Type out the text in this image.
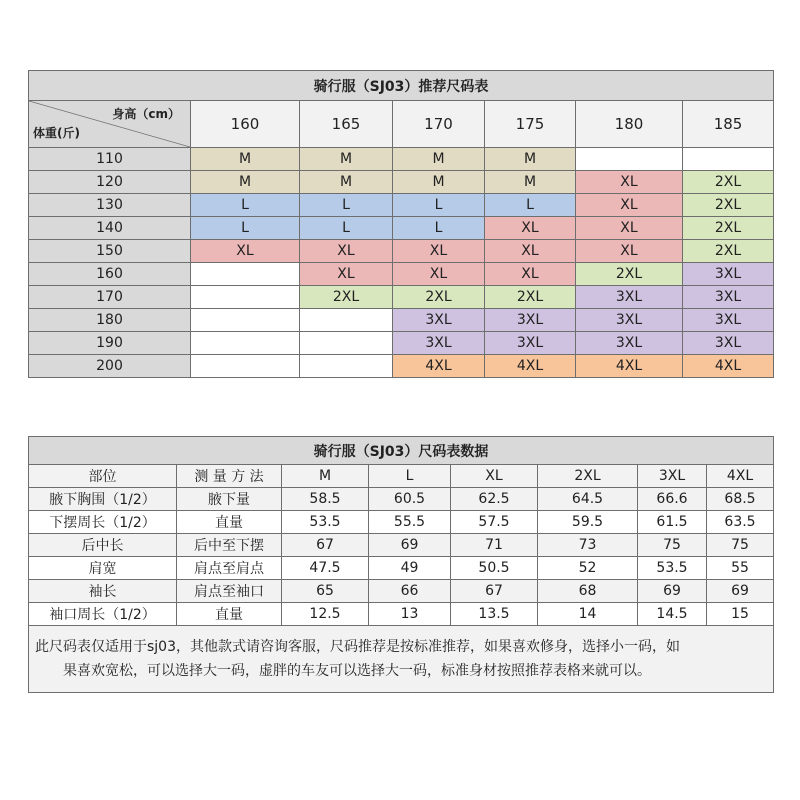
骑行服（SJ03）推荐尺码表						

身高（cm）
体重(斤)	160	165	170	175	180	185
110	M	M	M	M		
120	M	M	M	M	XL	2XL
130	L	L	L	L	XL	2XL
140	L	L	L	XL	XL	2XL
150	XL	XL	XL	XL	XL	2XL
160		XL	XL	XL	2XL	3XL
170		2XL	2XL	2XL	3XL	3XL
180			3XL	3XL	3XL	3XL
190			3XL	3XL	3XL	3XL
200			4XL	4XL	4XL	4XL
骑行服（SJ03）尺码表数据							
部位	测 量 方 法	M	L	XL	2XL	3XL	4XL
腋下胸围（1/2）	腋下量	58.5	60.5	62.5	64.5	66.6	68.5
下摆周长（1/2）	直量	53.5	55.5	57.5	59.5	61.5	63.5
后中长	后中至下摆	67	69	71	73	75	75
肩宽	肩点至肩点	47.5	49	50.5	52	53.5	55
袖长	肩点至袖口	65	66	67	68	69	69
袖口周长（1/2）	直量	12.5	13	13.5	14	14.5	15

此尺码表仅适用于sj03，其他款式请咨询客服，尺码推荐是按标准推荐，如果喜欢修身，选择小一码，如
果喜欢宽松，可以选择大一码，虚胖的车友可以选择大一码，标准身材按照推荐表格来就可以。							
